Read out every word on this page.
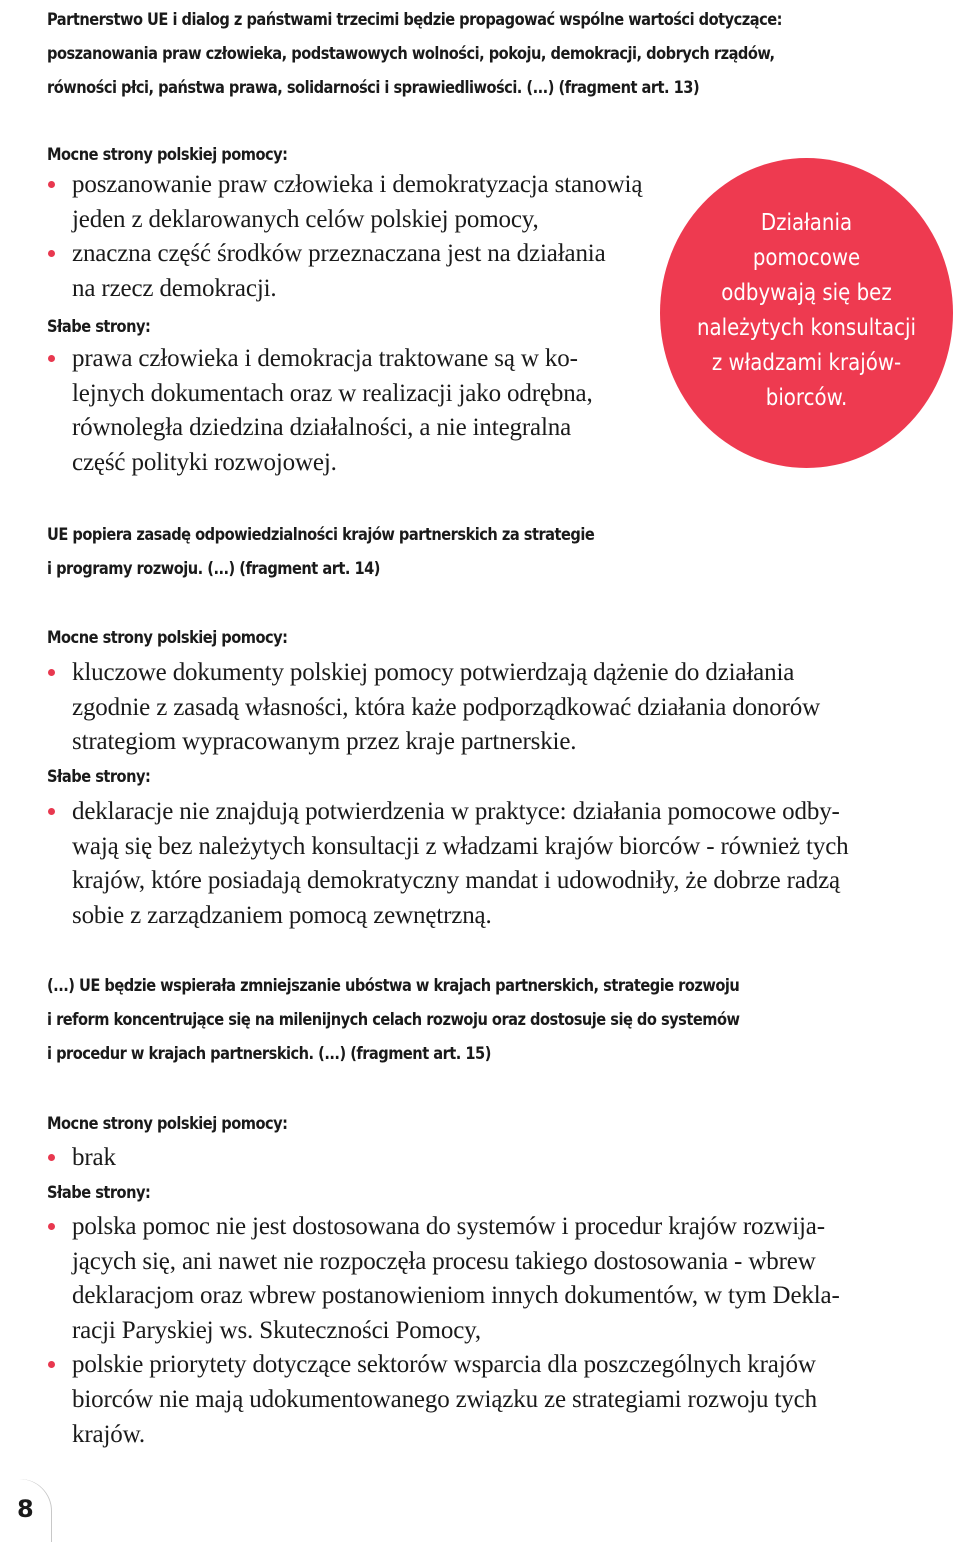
Partnerstwo UE i dialog z państwami trzecimi będzie propagować wspólne wartości dotyczące:
poszanowania praw człowieka, podstawowych wolności, pokoju, demokracji, dobrych rządów,
równości płci, państwa prawa, solidarności i sprawiedliwości. (...) (fragment art. 13)
Mocne strony polskiej pomocy:
poszanowanie praw człowieka i demokratyzacja stanowią
jeden z deklarowanych celów polskiej pomocy,
znaczna część środków przeznaczana jest na działania
na rzecz demokracji.
Słabe strony:
prawa człowieka i demokracja traktowane są w ko-
lejnych dokumentach oraz w realizacji jako odrębna,
równoległa dziedzina działalności, a nie integralna
część polityki rozwojowej.
Działania
pomocowe
odbywają się bez
należytych konsultacji
z władzami krajów-
biorców.
UE popiera zasadę odpowiedzialności krajów partnerskich za strategie
i programy rozwoju. (...) (fragment art. 14)
Mocne strony polskiej pomocy:
kluczowe dokumenty polskiej pomocy potwierdzają dążenie do działania
zgodnie z zasadą własności, która każe podporządkować działania donorów
strategiom wypracowanym przez kraje partnerskie.
Słabe strony:
deklaracje nie znajdują potwierdzenia w praktyce: działania pomocowe odby-
wają się bez należytych konsultacji z władzami krajów biorców - również tych
krajów, które posiadają demokratyczny mandat i udowodniły, że dobrze radzą
sobie z zarządzaniem pomocą zewnętrzną.
(...) UE będzie wspierała zmniejszanie ubóstwa w krajach partnerskich, strategie rozwoju
i reform koncentrujące się na milenijnych celach rozwoju oraz dostosuje się do systemów
i procedur w krajach partnerskich. (...) (fragment art. 15)
Mocne strony polskiej pomocy:
brak
Słabe strony:
polska pomoc nie jest dostosowana do systemów i procedur krajów rozwija-
jących się, ani nawet nie rozpoczęła procesu takiego dostosowania - wbrew
deklaracjom oraz wbrew postanowieniom innych dokumentów, w tym Dekla-
racji Paryskiej ws. Skuteczności Pomocy,
polskie priorytety dotyczące sektorów wsparcia dla poszczególnych krajów
biorców nie mają udokumentowanego związku ze strategiami rozwoju tych
krajów.
8
